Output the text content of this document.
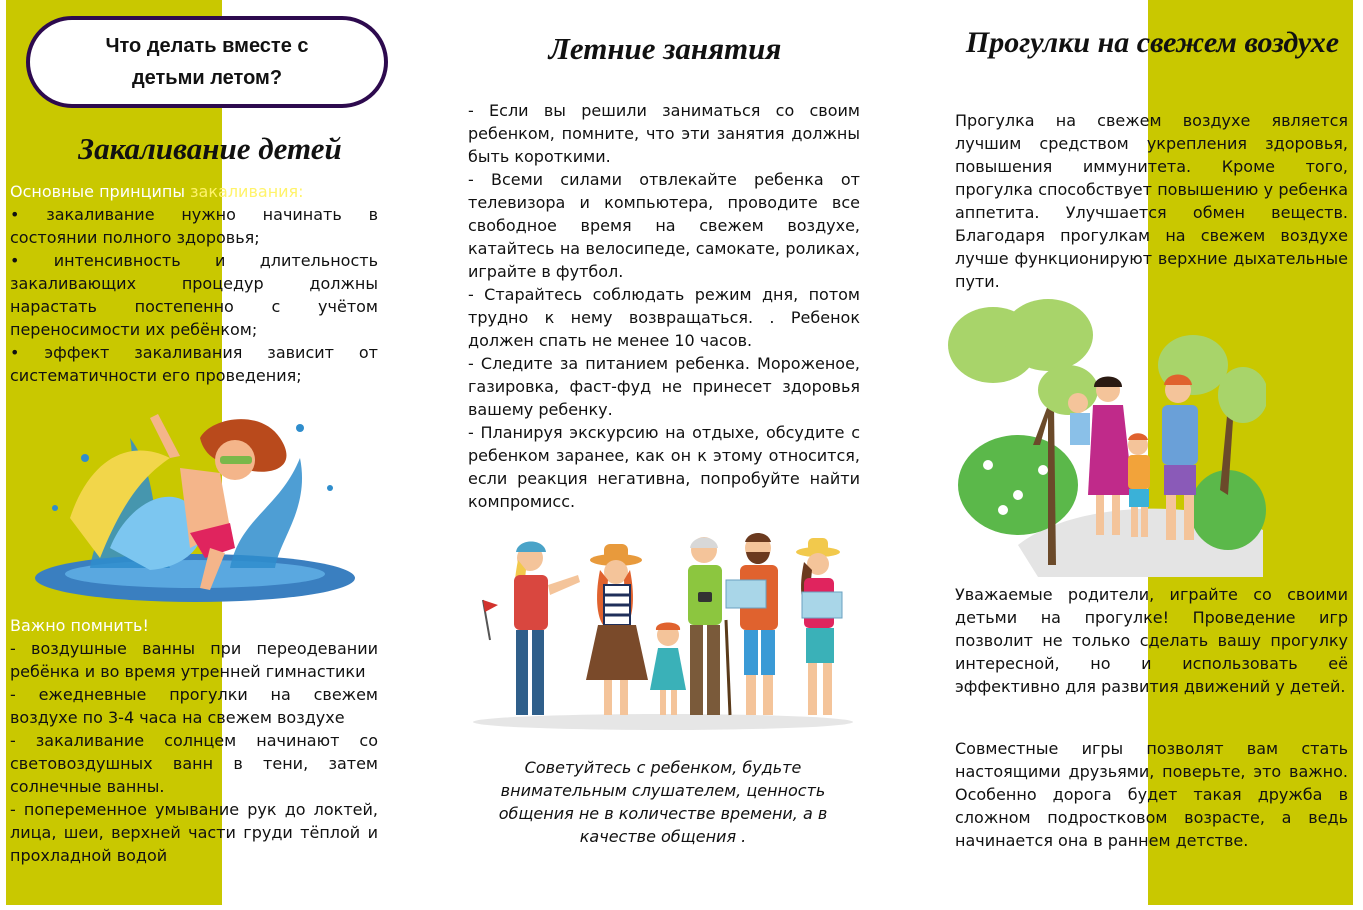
Что делать вместе с детьми летом?
Закаливание детей

Основные принципы закаливания:

• закаливание нужно начинать в состоянии полного здоровья;

• интенсивность и длительность закаливающих процедур должны нарастать постепенно с учётом переносимости их ребёнком;

• эффект закаливания зависит от систематичности его проведения;

Важно помнить!

- воздушные ванны при переодевании ребёнка и во время утренней гимнастики

- ежедневные прогулки на свежем воздухе по 3-4 часа на свежем воздухе

- закаливание солнцем начинают со световоздушных ванн в тени, затем солнечные ванны.

- попеременное умывание рук до локтей, лица, шеи, верхней части груди тёплой и прохладной водой

Летние занятия

- Если вы решили заниматься со своим ребенком, помните, что эти занятия должны быть короткими.

- Всеми силами отвлекайте ребенка от телевизора и компьютера, проводите все свободное время на свежем воздухе, катайтесь на велосипеде, самокате, роликах, играйте в футбол.

- Старайтесь соблюдать режим дня, потом трудно к нему возвращаться. . Ребенок должен спать не менее 10 часов.

- Следите за питанием ребенка. Мороженое, газировка, фаст-фуд не принесет здоровья вашему ребенку.

- Планируя экскурсию на отдыхе, обсудите с ребенком заранее, как он к этому относится, если реакция негативна, попробуйте найти компромисс.

Советуйтесь с ребенком, будьте внимательным слушателем, ценность общения не в количестве времени, а в качестве общения .
Прогулки на свежем воздухе
Прогулка на свежем воздухе является лучшим средством укрепления здоровья, повышения иммунитета. Кроме того, прогулка способствует повышению у ребенка аппетита. Улучшается обмен веществ. Благодаря прогулкам на свежем воздухе лучше функционируют верхние дыхательные пути.
Уважаемые родители, играйте со своими детьми на прогулке! Проведение игр позволит не только сделать вашу прогулку интересной, но и использовать её эффективно для развития движений у детей.
Совместные игры позволят вам стать настоящими друзьями, поверьте, это важно. Особенно дорога будет такая дружба в сложном подростковом возрасте, а ведь начинается она в раннем детстве.
